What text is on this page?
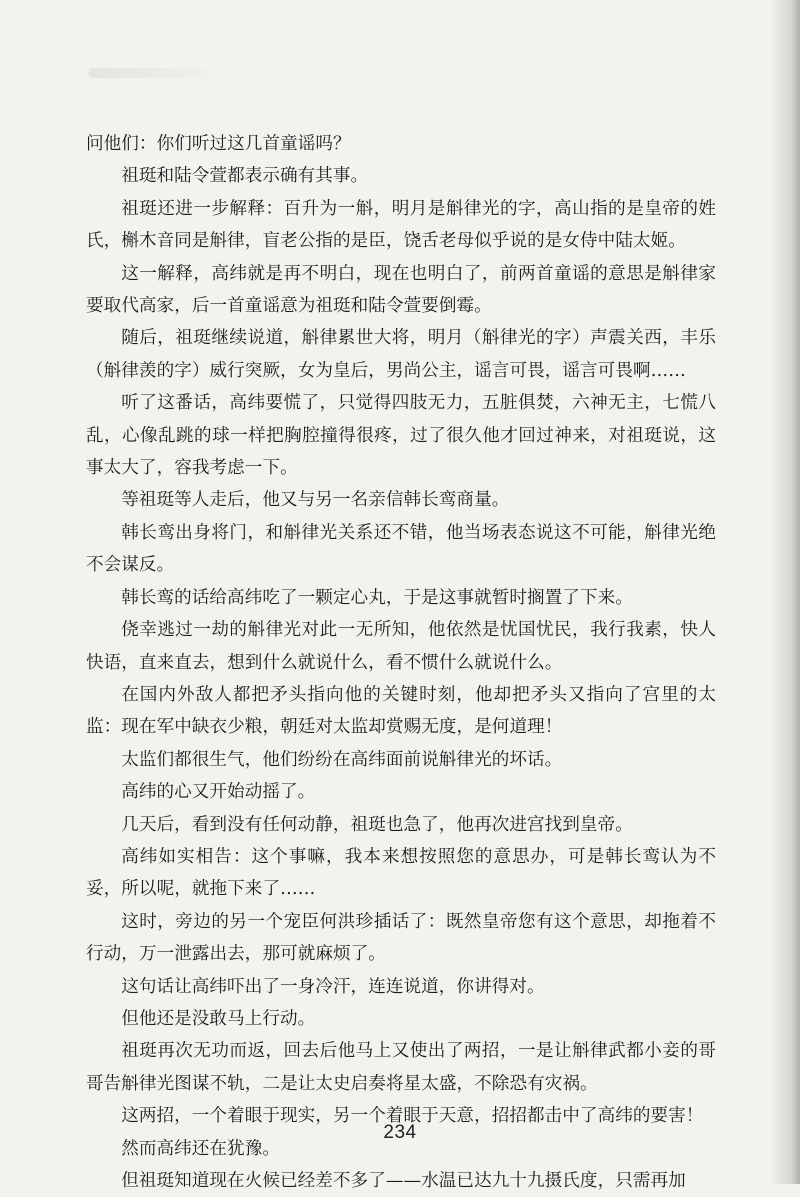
问他们：你们听过这几首童谣吗？

祖珽和陆令萱都表示确有其事。

祖珽还进一步解释：百升为一斛，明月是斛律光的字，高山指的是皇帝的姓氏，槲木音同是斛律，盲老公指的是臣，饶舌老母似乎说的是女侍中陆太姬。

这一解释，高纬就是再不明白，现在也明白了，前两首童谣的意思是斛律家要取代高家，后一首童谣意为祖珽和陆令萱要倒霉。

随后，祖珽继续说道，斛律累世大将，明月（斛律光的字）声震关西，丰乐（斛律羡的字）威行突厥，女为皇后，男尚公主，谣言可畏，谣言可畏啊……

听了这番话，高纬要慌了，只觉得四肢无力，五脏俱焚，六神无主，七慌八乱，心像乱跳的球一样把胸腔撞得很疼，过了很久他才回过神来，对祖珽说，这事太大了，容我考虑一下。

等祖珽等人走后，他又与另一名亲信韩长鸾商量。

韩长鸾出身将门，和斛律光关系还不错，他当场表态说这不可能，斛律光绝不会谋反。

韩长鸾的话给高纬吃了一颗定心丸，于是这事就暂时搁置了下来。

侥幸逃过一劫的斛律光对此一无所知，他依然是忧国忧民，我行我素，快人快语，直来直去，想到什么就说什么，看不惯什么就说什么。

在国内外敌人都把矛头指向他的关键时刻，他却把矛头又指向了宫里的太监：现在军中缺衣少粮，朝廷对太监却赏赐无度，是何道理！

太监们都很生气，他们纷纷在高纬面前说斛律光的坏话。

高纬的心又开始动摇了。

几天后，看到没有任何动静，祖珽也急了，他再次进宫找到皇帝。

高纬如实相告：这个事嘛，我本来想按照您的意思办，可是韩长鸾认为不妥，所以呢，就拖下来了……

这时，旁边的另一个宠臣何洪珍插话了：既然皇帝您有这个意思，却拖着不行动，万一泄露出去，那可就麻烦了。

这句话让高纬吓出了一身冷汗，连连说道，你讲得对。

但他还是没敢马上行动。

祖珽再次无功而返，回去后他马上又使出了两招，一是让斛律武都小妾的哥哥告斛律光图谋不轨，二是让太史启奏将星太盛，不除恐有灾祸。

这两招，一个着眼于现实，另一个着眼于天意，招招都击中了高纬的要害！

然而高纬还在犹豫。

但祖珽知道现在火候已经差不多了——水温已达九十九摄氏度，只需再加

234
